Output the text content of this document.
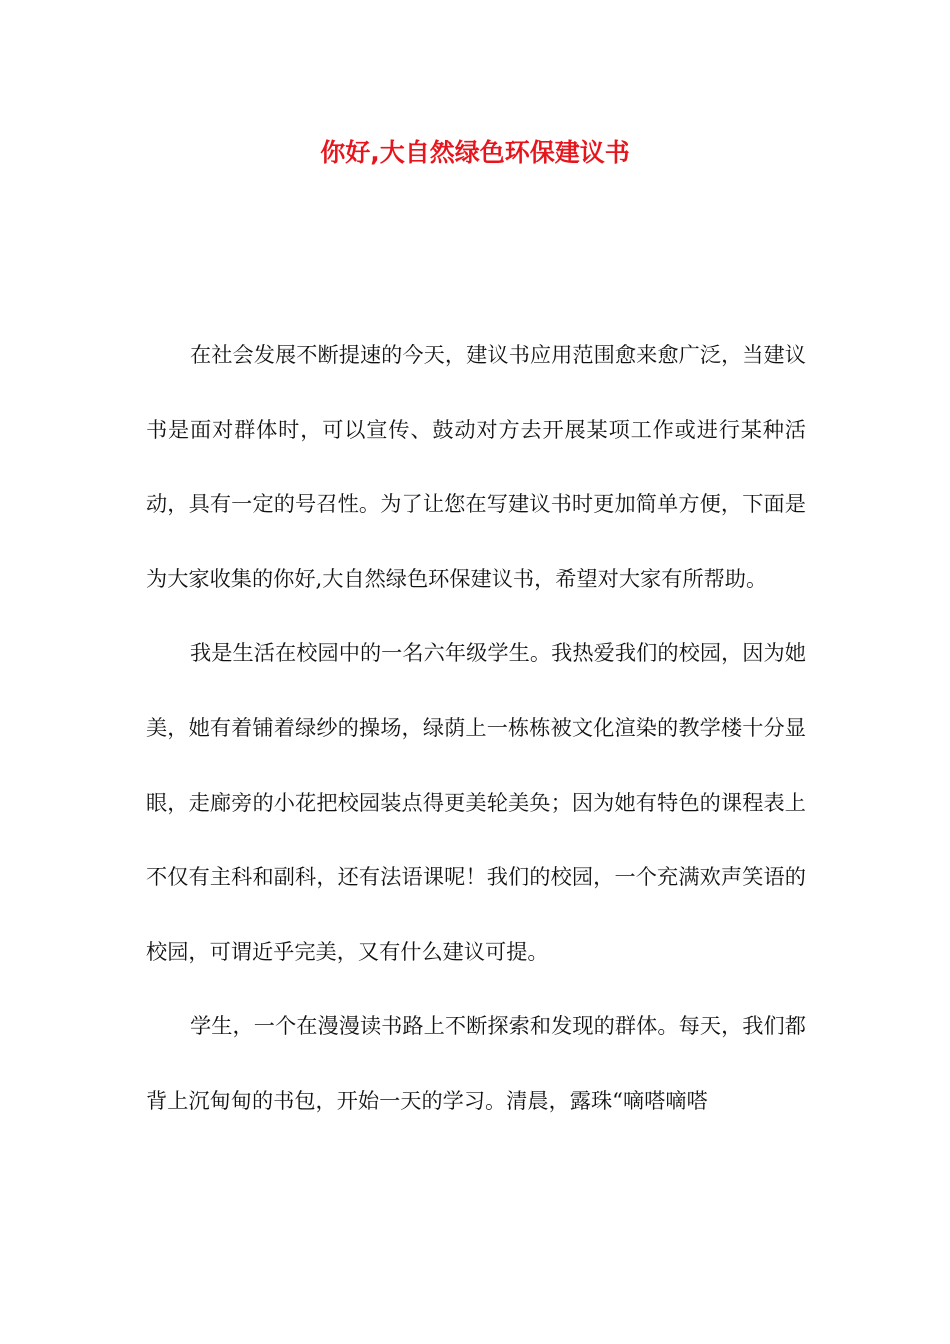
你好,大自然绿色环保建议书

在社会发展不断提速的今天，建议书应用范围愈来愈广泛，当建议书是面对群体时，可以宣传、鼓动对方去开展某项工作或进行某种活动，具有一定的号召性。为了让您在写建议书时更加简单方便，下面是为大家收集的你好,大自然绿色环保建议书，希望对大家有所帮助。

我是生活在校园中的一名六年级学生。我热爱我们的校园，因为她美，她有着铺着绿纱的操场，绿荫上一栋栋被文化渲染的教学楼十分显眼，走廊旁的小花把校园装点得更美轮美奂；因为她有特色的课程表上不仅有主科和副科，还有法语课呢！我们的校园，一个充满欢声笑语的校园，可谓近乎完美，又有什么建议可提。

学生，一个在漫漫读书路上不断探索和发现的群体。每天，我们都背上沉甸甸的书包，开始一天的学习。清晨，露珠“嘀嗒嘀嗒
